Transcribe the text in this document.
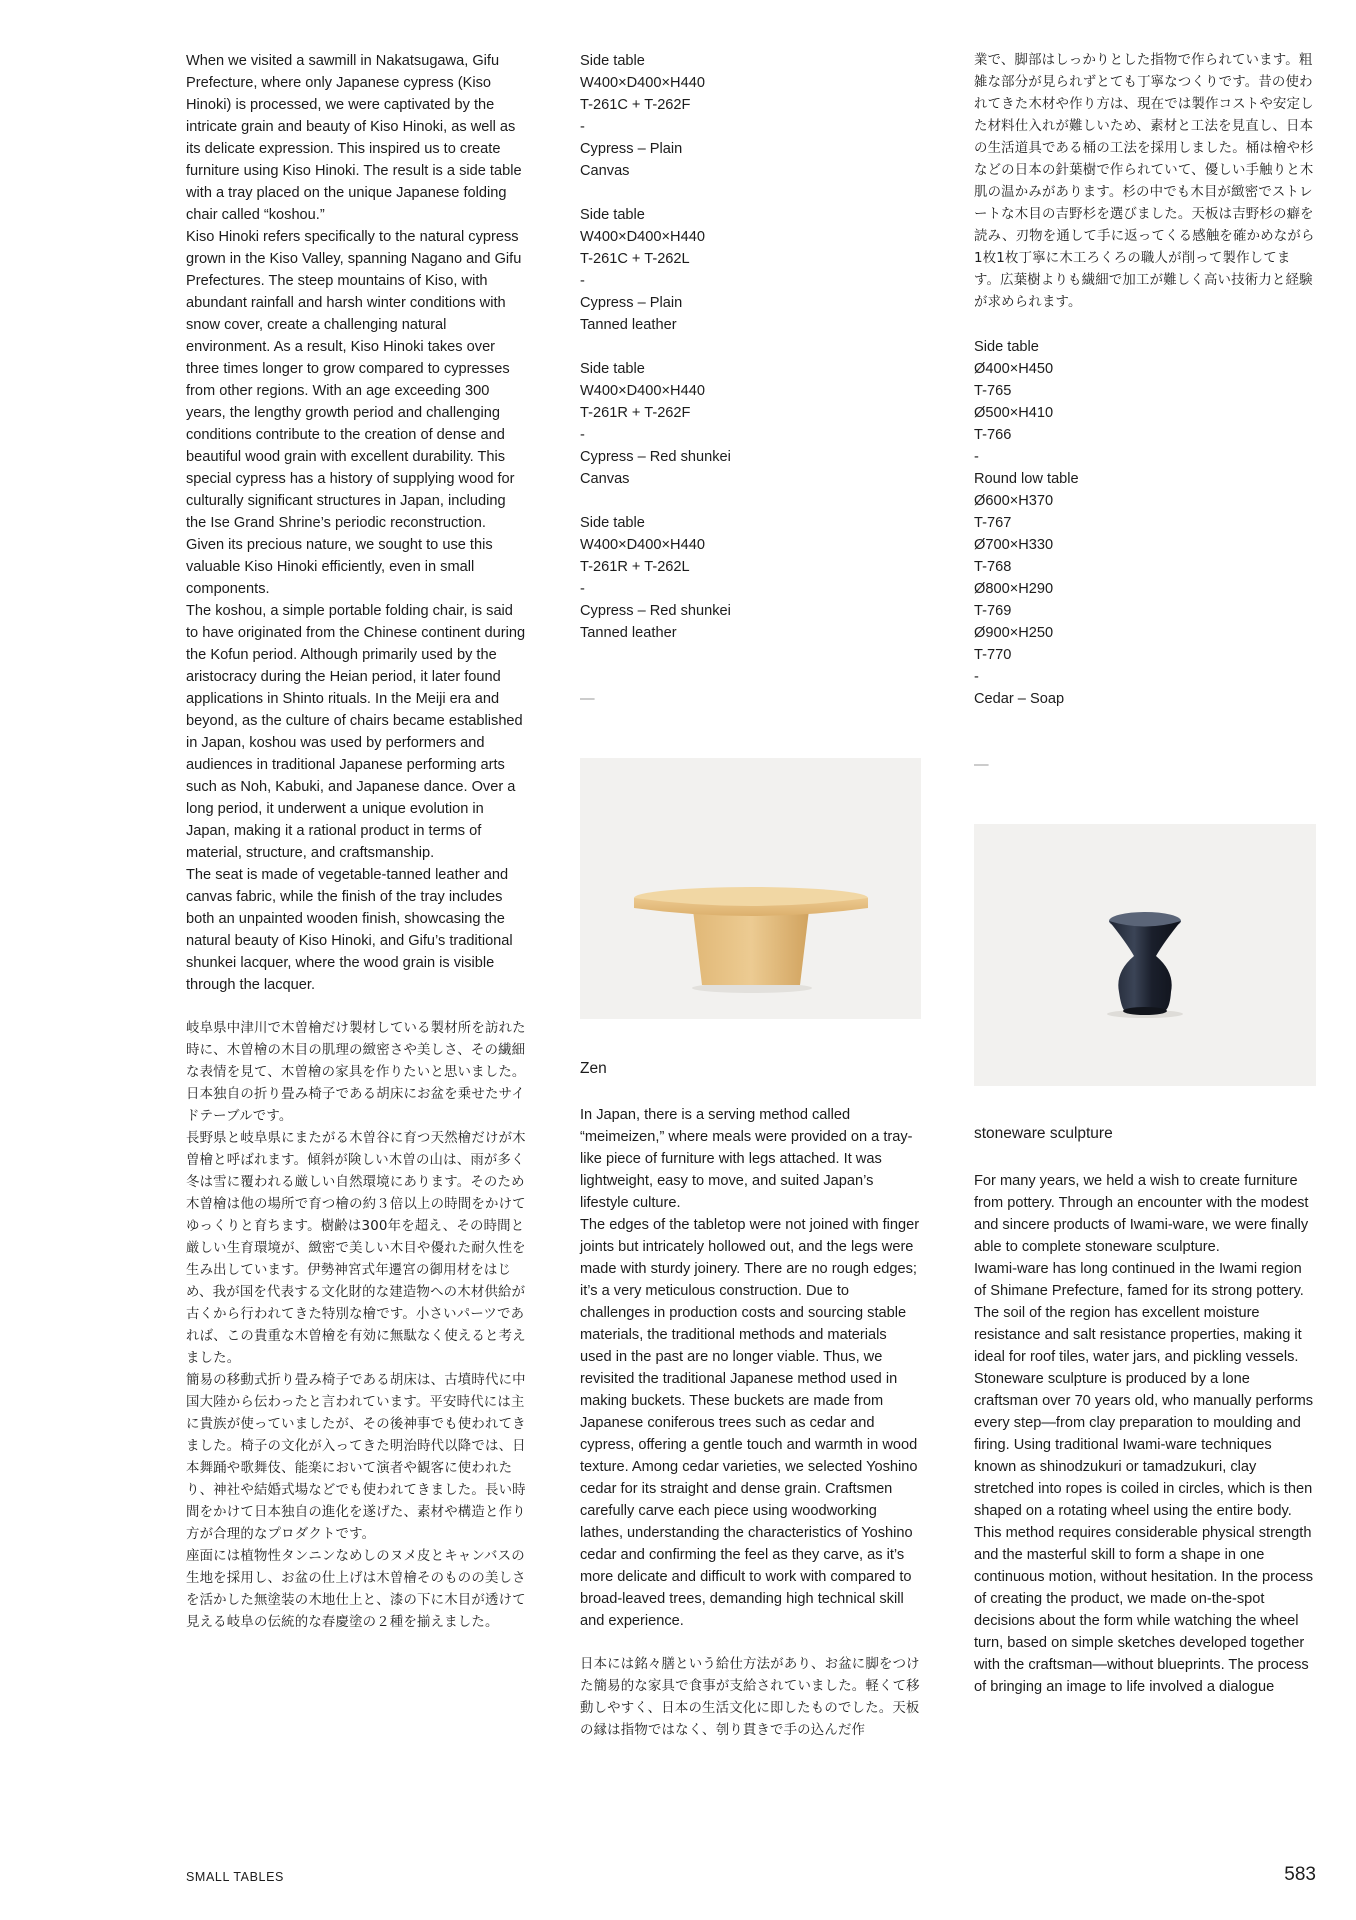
When we visited a sawmill in Nakatsugawa, Gifu Prefecture, where only Japanese cypress (Kiso Hinoki) is processed, we were captivated by the intricate grain and beauty of Kiso Hinoki, as well as its delicate expression. This inspired us to create furniture using Kiso Hinoki. The result is a side table with a tray placed on the unique Japanese folding chair called “koshou.”

Kiso Hinoki refers specifically to the natural cypress grown in the Kiso Valley, spanning Nagano and Gifu Prefectures. The steep mountains of Kiso, with abundant rainfall and harsh winter conditions with snow cover, create a challenging natural environment. As a result, Kiso Hinoki takes over three times longer to grow compared to cypresses from other regions. With an age exceeding 300 years, the lengthy growth period and challenging conditions contribute to the creation of dense and beautiful wood grain with excellent durability. This special cypress has a history of supplying wood for culturally significant structures in Japan, including the Ise Grand Shrine’s periodic reconstruction. Given its precious nature, we sought to use this valuable Kiso Hinoki efficiently, even in small components.

The koshou, a simple portable folding chair, is said to have originated from the Chinese continent during the Kofun period. Although primarily used by the aristocracy during the Heian period, it later found applications in Shinto rituals. In the Meiji era and beyond, as the culture of chairs became established in Japan, koshou was used by performers and audiences in traditional Japanese performing arts such as Noh, Kabuki, and Japanese dance. Over a long period, it underwent a unique evolution in Japan, making it a rational product in terms of material, structure, and craftsmanship.

The seat is made of vegetable-tanned leather and canvas fabric, while the finish of the tray includes both an unpainted wooden finish, showcasing the natural beauty of Kiso Hinoki, and Gifu’s traditional shunkei lacquer, where the wood grain is visible through the lacquer.

岐阜県中津川で木曽檜だけ製材している製材所を訪れた時に、木曽檜の木目の肌理の緻密さや美しさ、その繊細な表情を見て、木曽檜の家具を作りたいと思いました。日本独自の折り畳み椅子である胡床にお盆を乗せたサイドテーブルです。

長野県と岐阜県にまたがる木曽谷に育つ天然檜だけが木曽檜と呼ばれます。傾斜が険しい木曽の山は、雨が多く冬は雪に覆われる厳しい自然環境にあります。そのため木曽檜は他の場所で育つ檜の約３倍以上の時間をかけてゆっくりと育ちます。樹齢は300年を超え、その時間と厳しい生育環境が、緻密で美しい木目や優れた耐久性を生み出しています。伊勢神宮式年遷宮の御用材をはじめ、我が国を代表する文化財的な建造物への木材供給が古くから行われてきた特別な檜です。小さいパーツであれば、この貴重な木曽檜を有効に無駄なく使えると考えました。

簡易の移動式折り畳み椅子である胡床は、古墳時代に中国大陸から伝わったと言われています。平安時代には主に貴族が使っていましたが、その後神事でも使われてきました。椅子の文化が入ってきた明治時代以降では、日本舞踊や歌舞伎、能楽において演者や観客に使われたり、神社や結婚式場などでも使われてきました。長い時間をかけて日本独自の進化を遂げた、素材や構造と作り方が合理的なプロダクトです。

座面には植物性タンニンなめしのヌメ皮とキャンバスの生地を採用し、お盆の仕上げは木曽檜そのものの美しさを活かした無塗装の木地仕上と、漆の下に木目が透けて見える岐阜の伝統的な春慶塗の２種を揃えました。

Side table
W400×D400×H440
T-261C + T-262F
-
Cypress – Plain
Canvas
Side table
W400×D400×H440
T-261C + T-262L
-
Cypress – Plain
Tanned leather
Side table
W400×D400×H440
T-261R + T-262F
-
Cypress – Red shunkei
Canvas
Side table
W400×D400×H440
T-261R + T-262L
-
Cypress – Red shunkei
Tanned leather
—

Zen

In Japan, there is a serving method called “meimeizen,” where meals were provided on a tray-like piece of furniture with legs attached. It was lightweight, easy to move, and suited Japan’s lifestyle culture.

The edges of the tabletop were not joined with finger joints but intricately hollowed out, and the legs were made with sturdy joinery. There are no rough edges; it’s a very meticulous construction. Due to challenges in production costs and sourcing stable materials, the traditional methods and materials used in the past are no longer viable. Thus, we revisited the traditional Japanese method used in making buckets. These buckets are made from Japanese coniferous trees such as cedar and cypress, offering a gentle touch and warmth in wood texture. Among cedar varieties, we selected Yoshino cedar for its straight and dense grain. Craftsmen carefully carve each piece using woodworking lathes, understanding the characteristics of Yoshino cedar and confirming the feel as they carve, as it’s more delicate and difficult to work with compared to broad-leaved trees, demanding high technical skill and experience.

日本には銘々膳という給仕方法があり、お盆に脚をつけた簡易的な家具で食事が支給されていました。軽くて移動しやすく、日本の生活文化に即したものでした。天板の縁は指物ではなく、刳り貫きで手の込んだ作

業で、脚部はしっかりとした指物で作られています。粗雑な部分が見られずとても丁寧なつくりです。昔の使われてきた木材や作り方は、現在では製作コストや安定した材料仕入れが難しいため、素材と工法を見直し、日本の生活道具である桶の工法を採用しました。桶は檜や杉などの日本の針葉樹で作られていて、優しい手触りと木肌の温かみがあります。杉の中でも木目が緻密でストレートな木目の吉野杉を選びました。天板は吉野杉の癖を読み、刃物を通して手に返ってくる感触を確かめながら1枚1枚丁寧に木工ろくろの職人が削って製作してます。広葉樹よりも繊細で加工が難しく高い技術力と経験が求められます。

Side table
Ø400×H450
T-765
Ø500×H410
T-766
-
Round low table
Ø600×H370
T-767
Ø700×H330
T-768
Ø800×H290
T-769
Ø900×H250
T-770
-
Cedar – Soap
—

stoneware sculpture

For many years, we held a wish to create furniture from pottery. Through an encounter with the modest and sincere products of Iwami-ware, we were finally able to complete stoneware sculpture.

Iwami-ware has long continued in the Iwami region of Shimane Prefecture, famed for its strong pottery. The soil of the region has excellent moisture resistance and salt resistance properties, making it ideal for roof tiles, water jars, and pickling vessels.

Stoneware sculpture is produced by a lone craftsman over 70 years old, who manually performs every step—from clay preparation to moulding and firing. Using traditional Iwami-ware techniques known as shinodzukuri or tamadzukuri, clay stretched into ropes is coiled in circles, which is then shaped on a rotating wheel using the entire body. This method requires considerable physical strength and the masterful skill to form a shape in one continuous motion, without hesitation. In the process of creating the product, we made on-the-spot decisions about the form while watching the wheel turn, based on simple sketches developed together with the craftsman—without blueprints. The process of bringing an image to life involved a dialogue

SMALL TABLES	583
